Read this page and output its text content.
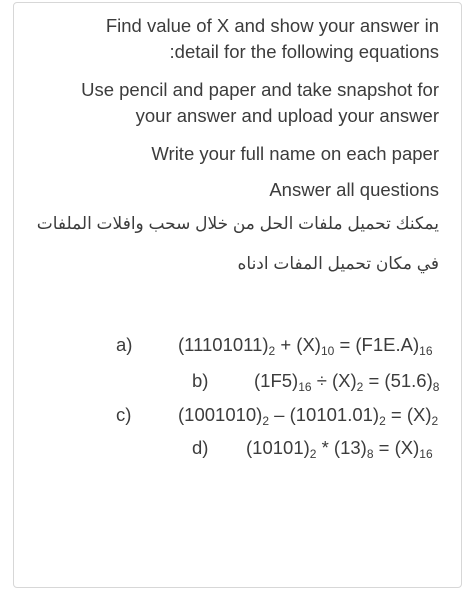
Find value of X and show your answer in
:detail for the following equations
Use pencil and paper and take snapshot for
your answer and upload your answer
Write your full name on each paper
Answer all questions
يمكنك تحميل ملفات الحل من خلال سحب وافلات الملفات
في مكان تحميل المفات ادناه
a) $(11101011)_2 + (X)_{10} = (F1E.A)_{16}$
b) $(1F5)_{16} \div (X)_2 = (51.6)_8$
c)	$(1001010)_2 - (10101.01)_2 = (X)_2$
d) $(10101)_2 * (13)_8 = (X)_{16}$
